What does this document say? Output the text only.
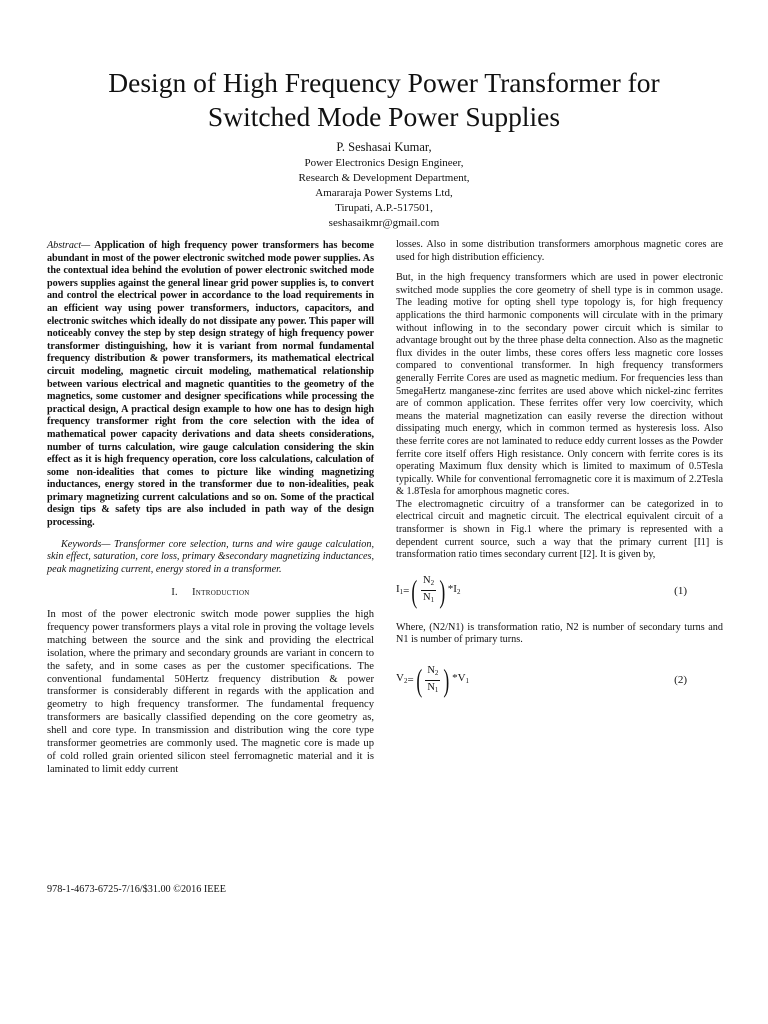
Design of High Frequency Power Transformer for
Switched Mode Power Supplies
P. Seshasai Kumar,
Power Electronics Design Engineer,
Research & Development Department,
Amararaja Power Systems Ltd,
Tirupati, A.P.-517501,
seshasaikmr@gmail.com

Abstract— Application of high frequency power transformers has become abundant in most of the power electronic switched mode power supplies. As the contextual idea behind the evolution of power electronic switched mode powers supplies against the general linear grid power supplies is, to convert and control the electrical power in accordance to the load requirements in an efficient way using power transformers, inductors, capacitors, and electronic switches which ideally do not dissipate any power. This paper will noticeably convey the step by step design strategy of high frequency power transformer distinguishing, how it is variant from normal fundamental frequency distribution & power transformers, its mathematical electrical circuit modeling, magnetic circuit modeling, mathematical relationship between various electrical and magnetic quantities to the geometry of the magnetics, some customer and designer specifications while processing the practical design, A practical design example to how one has to design high frequency transformer right from the core selection with the idea of mathematical power capacity derivations and data sheets considerations, number of turns calculation, wire gauge calculation considering the skin effect as it is high frequency operation, core loss calculations, calculation of some non-idealities that comes to picture like winding magnetizing inductances, energy stored in the transformer due to non-idealities, peak primary magnetizing current calculations and so on. Some of the practical design tips & safety tips are also included in path way of the design processing.

Keywords— Transformer core selection, turns and wire gauge calculation, skin effect, saturation, core loss, primary &secondary magnetizing inductances, peak magnetizing current, energy stored in a transformer.

I. Introduction

In most of the power electronic switch mode power supplies the high frequency power transformers plays a vital role in proving the voltage levels matching between the source and the sink and providing the electrical isolation, where the primary and secondary grounds are variant in concern to the safety, and in some cases as per the customer specifications. The conventional fundamental 50Hertz frequency distribution & power transformer is considerably different in regards with the application and geometry to high frequency transformer. The fundamental frequency transformers are basically classified depending on the core geometry as, shell and core type. In transmission and distribution wing the core type transformer geometries are commonly used. The magnetic core is made up of cold rolled grain oriented silicon steel ferromagnetic material and it is laminated to limit eddy current

losses. Also in some distribution transformers amorphous magnetic cores are used for high distribution efficiency.

But, in the high frequency transformers which are used in power electronic switched mode supplies the core geometry of shell type is in common usage. The leading motive for opting shell type topology is, for high frequency applications the third harmonic components will circulate with in the primary without inflowing in to the secondary power circuit which is similar to advantage brought out by the three phase delta connection. Also as the magnetic flux divides in the outer limbs, these cores offers less magnetic core losses compared to conventional transformer. In high frequency transformers generally Ferrite Cores are used as magnetic medium. For frequencies less than 5megaHertz manganese-zinc ferrites are used above which nickel-zinc ferrites are of common application. These ferrites offer very low coercivity, which means the material magnetization can easily reverse the direction without dissipating much energy, which in common termed as hysteresis loss. Also these ferrite cores are not laminated to reduce eddy current losses as the Powder ferrite core itself offers High resistance. Only concern with ferrite cores is its operating Maximum flux density which is limited to maximum of 0.5Tesla typically. While for conventional ferromagnetic core it is maximum of 2.2Tesla & 1.8Tesla for amorphous magnetic cores.

The electromagnetic circuitry of a transformer can be categorized in to electrical circuit and magnetic circuit. The electrical equivalent circuit of a transformer is shown in Fig.1 where the primary is represented with a dependent current source, such a way that the primary current [I1] is transformation ratio times secondary current [I2]. It is given by,

$I_1$ = ( $\frac{N_2}{N_1}$ ) $*I_2$	(1)

Where, (N2/N1) is transformation ratio, N2 is number of secondary turns and N1 is number of primary turns.

$V_2$ = ( $\frac{N_2}{N_1}$ ) $*V_1$	(2)
978-1-4673-6725-7/16/$31.00 ©2016 IEEE
